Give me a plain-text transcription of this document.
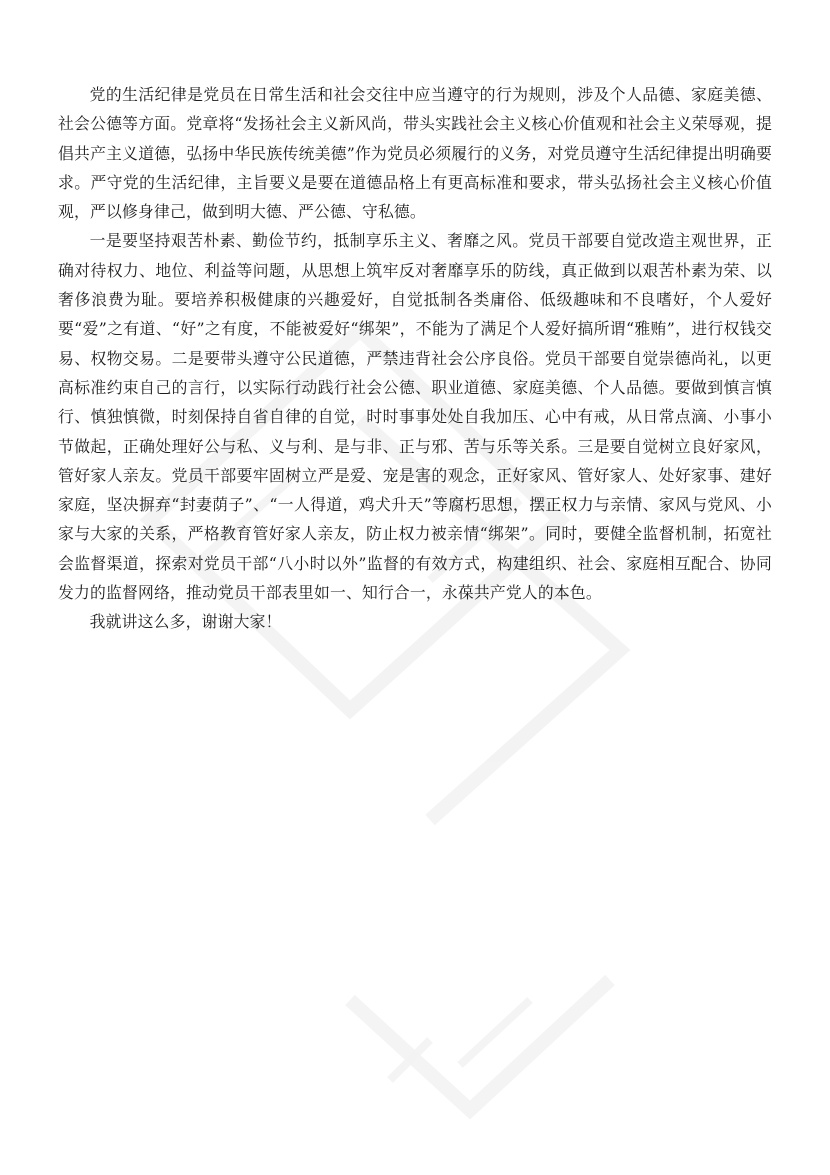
党的生活纪律是党员在日常生活和社会交往中应当遵守的行为规则，涉及个人品德、家庭美德、社会公德等方面。党章将“发扬社会主义新风尚，带头实践社会主义核心价值观和社会主义荣辱观，提倡共产主义道德，弘扬中华民族传统美德”作为党员必须履行的义务，对党员遵守生活纪律提出明确要求。严守党的生活纪律，主旨要义是要在道德品格上有更高标准和要求，带头弘扬社会主义核心价值观，严以修身律己，做到明大德、严公德、守私德。

一是要坚持艰苦朴素、勤俭节约，抵制享乐主义、奢靡之风。党员干部要自觉改造主观世界，正确对待权力、地位、利益等问题，从思想上筑牢反对奢靡享乐的防线，真正做到以艰苦朴素为荣、以奢侈浪费为耻。要培养积极健康的兴趣爱好，自觉抵制各类庸俗、低级趣味和不良嗜好，个人爱好要“爱”之有道、“好”之有度，不能被爱好“绑架”，不能为了满足个人爱好搞所谓“雅贿”，进行权钱交易、权物交易。二是要带头遵守公民道德，严禁违背社会公序良俗。党员干部要自觉崇德尚礼，以更高标准约束自己的言行，以实际行动践行社会公德、职业道德、家庭美德、个人品德。要做到慎言慎行、慎独慎微，时刻保持自省自律的自觉，时时事事处处自我加压、心中有戒，从日常点滴、小事小节做起，正确处理好公与私、义与利、是与非、正与邪、苦与乐等关系。三是要自觉树立良好家风，管好家人亲友。党员干部要牢固树立严是爱、宠是害的观念，正好家风、管好家人、处好家事、建好家庭，坚决摒弃“封妻荫子”、“一人得道，鸡犬升天”等腐朽思想，摆正权力与亲情、家风与党风、小家与大家的关系，严格教育管好家人亲友，防止权力被亲情“绑架”。同时，要健全监督机制，拓宽社会监督渠道，探索对党员干部“八小时以外”监督的有效方式，构建组织、社会、家庭相互配合、协同发力的监督网络，推动党员干部表里如一、知行合一，永葆共产党人的本色。

我就讲这么多，谢谢大家！
